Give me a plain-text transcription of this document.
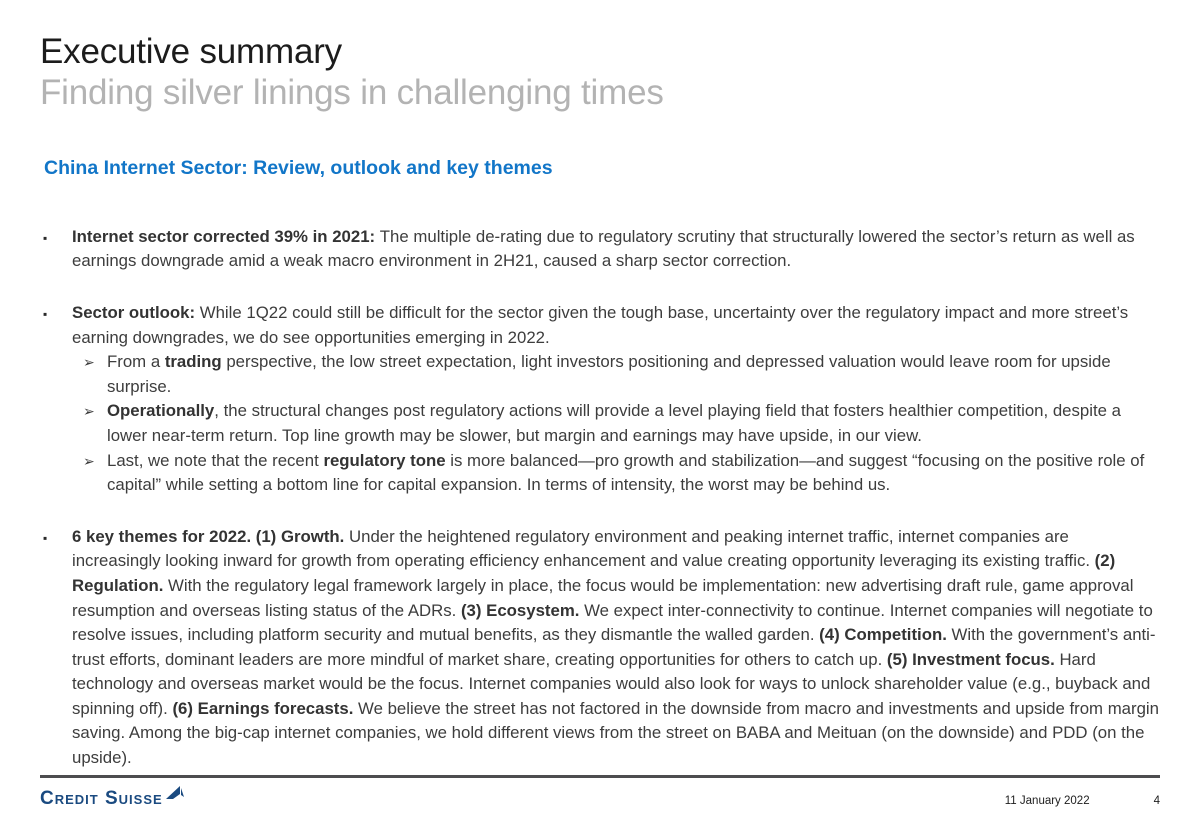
Executive summary
Finding silver linings in challenging times
China Internet Sector: Review, outlook and key themes
▪	Internet sector corrected 39% in 2021: The multiple de-rating due to regulatory scrutiny that structurally lowered the sector’s return as well as earnings downgrade amid a weak macro environment in 2H21, caused a sharp sector correction.
▪	Sector outlook: While 1Q22 could still be difficult for the sector given the tough base, uncertainty over the regulatory impact and more street’s earning downgrades, we do see opportunities emerging in 2022.
➢ From a trading perspective, the low street expectation, light investors positioning and depressed valuation would leave room for upside surprise.
➢ Operationally, the structural changes post regulatory actions will provide a level playing field that fosters healthier competition, despite a lower near-term return. Top line growth may be slower, but margin and earnings may have upside, in our view.
➢ Last, we note that the recent regulatory tone is more balanced—pro growth and stabilization—and suggest “focusing on the positive role of capital” while setting a bottom line for capital expansion. In terms of intensity, the worst may be behind us.
▪	6 key themes for 2022. (1) Growth. Under the heightened regulatory environment and peaking internet traffic, internet companies are increasingly looking inward for growth from operating efficiency enhancement and value creating opportunity leveraging its existing traffic. (2) Regulation. With the regulatory legal framework largely in place, the focus would be implementation: new advertising draft rule, game approval resumption and overseas listing status of the ADRs. (3) Ecosystem. We expect inter-connectivity to continue. Internet companies will negotiate to resolve issues, including platform security and mutual benefits, as they dismantle the walled garden. (4) Competition. With the government’s anti-trust efforts, dominant leaders are more mindful of market share, creating opportunities for others to catch up. (5) Investment focus. Hard technology and overseas market would be the focus. Internet companies would also look for ways to unlock shareholder value (e.g., buyback and spinning off). (6) Earnings forecasts. We believe the street has not factored in the downside from macro and investments and upside from margin saving. Among the big-cap internet companies, we hold different views from the street on BABA and Meituan (on the downside) and PDD (on the upside).
Credit Suisse	11 January 2022	4
